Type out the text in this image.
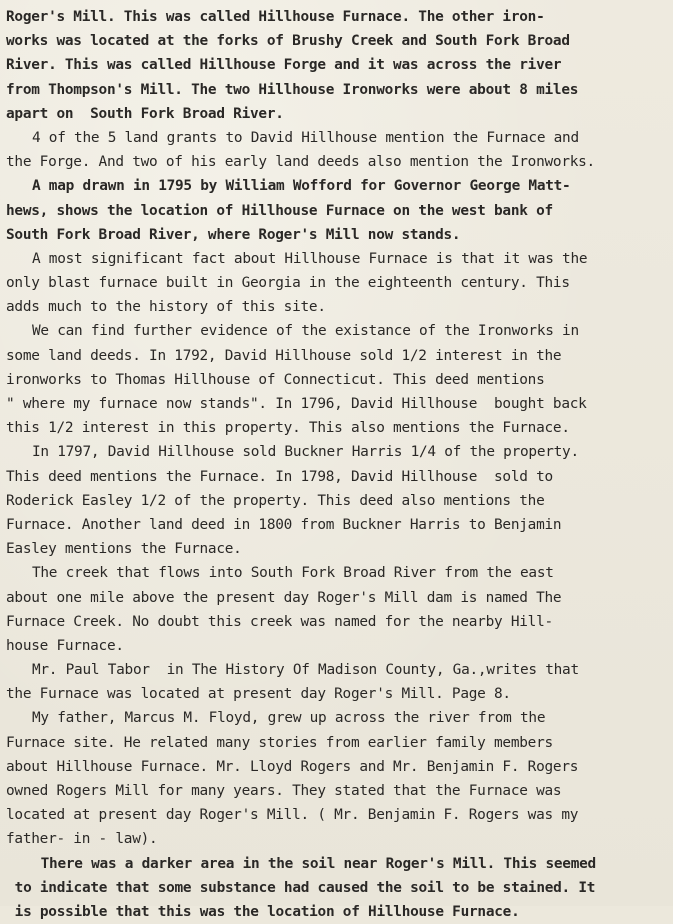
Roger's Mill. This was called Hillhouse Furnace. The other iron-
works was located at the forks of Brushy Creek and South Fork Broad
River. This was called Hillhouse Forge and it was across the river
from Thompson's Mill. The two Hillhouse Ironworks were about 8 miles
apart on  South Fork Broad River.
4 of the 5 land grants to David Hillhouse mention the Furnace and
the Forge. And two of his early land deeds also mention the Ironworks.
A map drawn in 1795 by William Wofford for Governor George Matt-
hews, shows the location of Hillhouse Furnace on the west bank of
South Fork Broad River, where Roger's Mill now stands.
A most significant fact about Hillhouse Furnace is that it was the
only blast furnace built in Georgia in the eighteenth century. This
adds much to the history of this site.
We can find further evidence of the existance of the Ironworks in
some land deeds. In 1792, David Hillhouse sold 1/2 interest in the
ironworks to Thomas Hillhouse of Connecticut. This deed mentions
" where my furnace now stands". In 1796, David Hillhouse  bought back
this 1/2 interest in this property. This also mentions the Furnace.
In 1797, David Hillhouse sold Buckner Harris 1/4 of the property.
This deed mentions the Furnace. In 1798, David Hillhouse  sold to
Roderick Easley 1/2 of the property. This deed also mentions the
Furnace. Another land deed in 1800 from Buckner Harris to Benjamin
Easley mentions the Furnace.
The creek that flows into South Fork Broad River from the east
about one mile above the present day Roger's Mill dam is named The
Furnace Creek. No doubt this creek was named for the nearby Hill-
house Furnace.
Mr. Paul Tabor  in The History Of Madison County, Ga.,writes that
the Furnace was located at present day Roger's Mill. Page 8.
My father, Marcus M. Floyd, grew up across the river from the
Furnace site. He related many stories from earlier family members
about Hillhouse Furnace. Mr. Lloyd Rogers and Mr. Benjamin F. Rogers
owned Rogers Mill for many years. They stated that the Furnace was
located at present day Roger's Mill. ( Mr. Benjamin F. Rogers was my
father- in - law).
There was a darker area in the soil near Roger's Mill. This seemed
to indicate that some substance had caused the soil to be stained. It
is possible that this was the location of Hillhouse Furnace.
